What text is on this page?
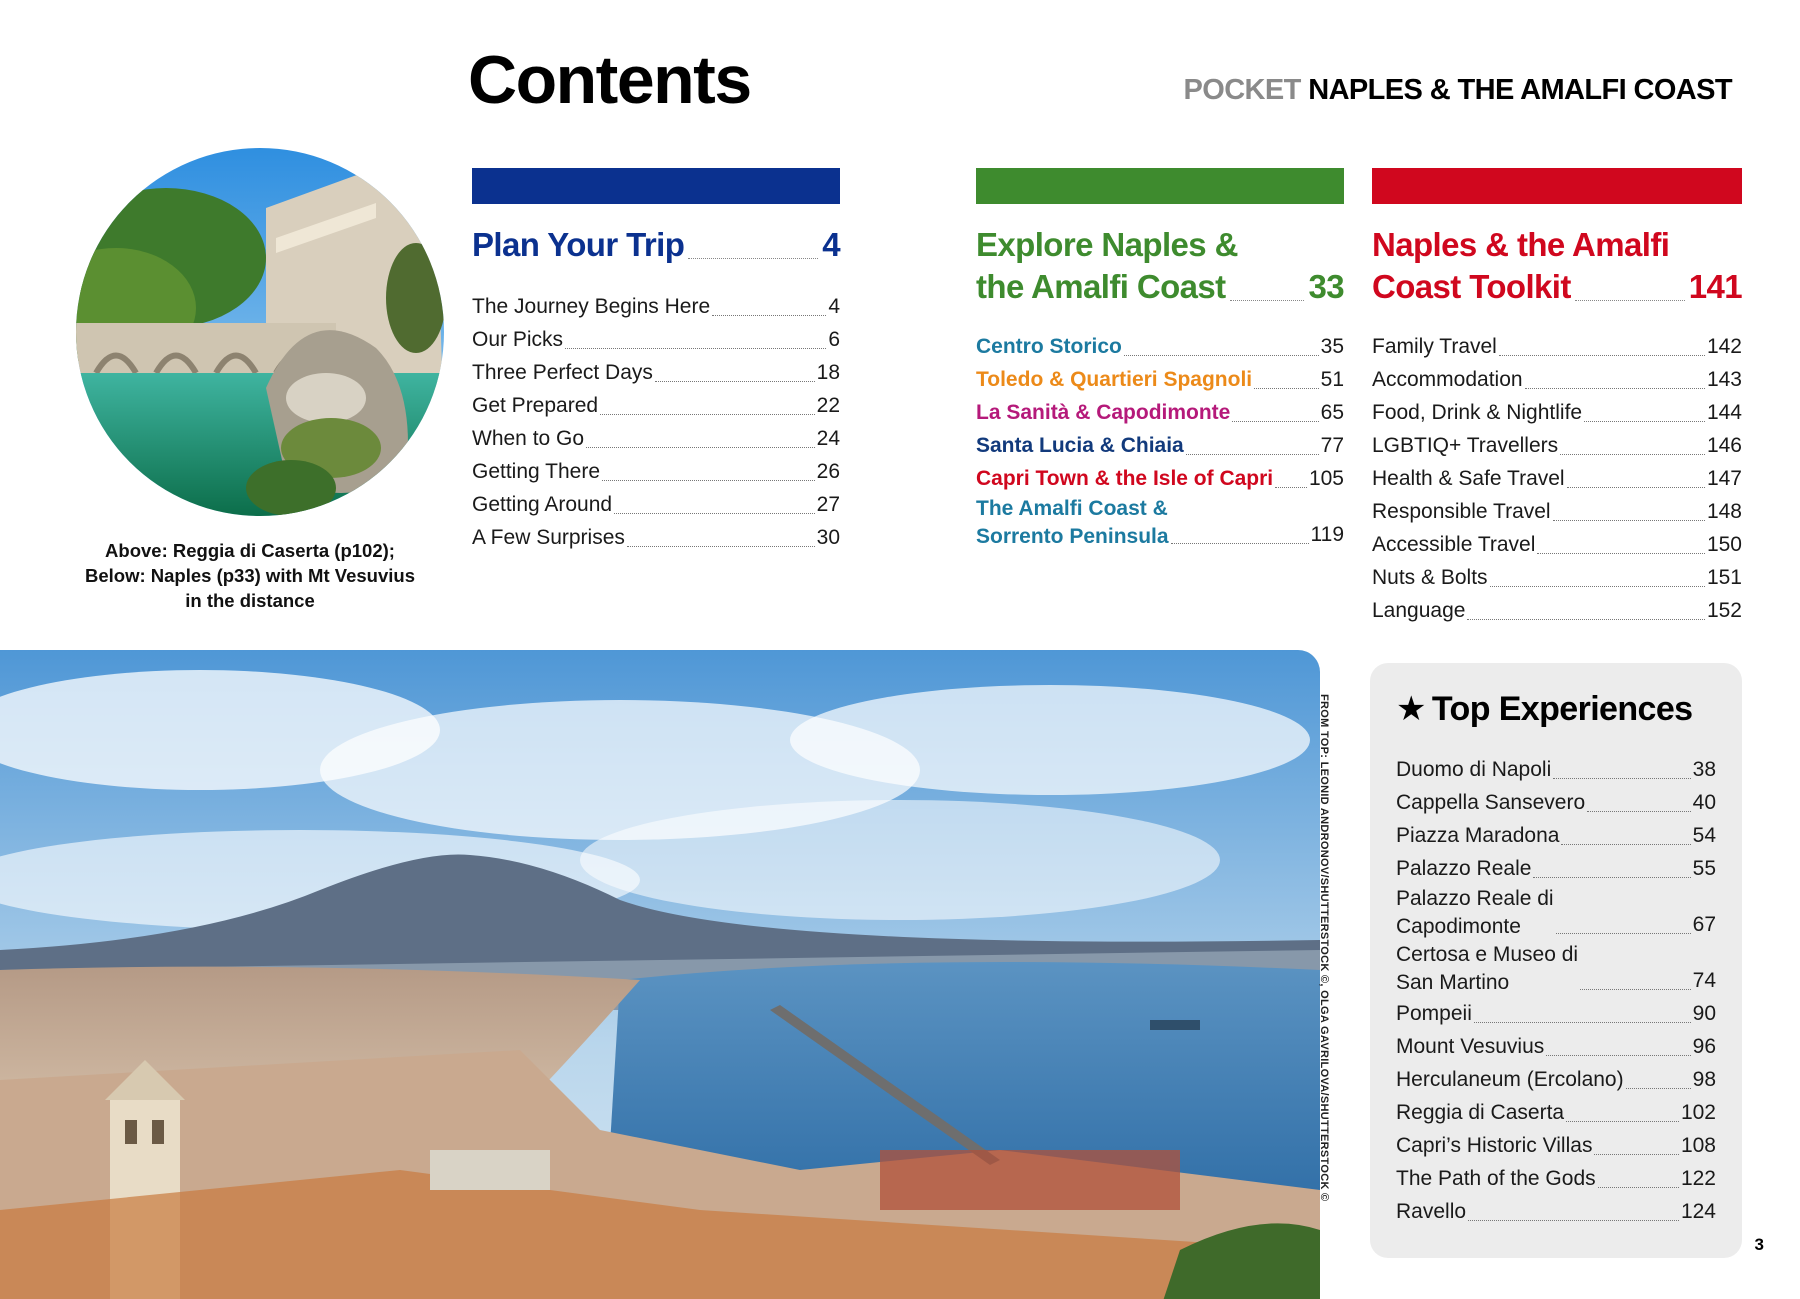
Contents	POCKET NAPLES & THE AMALFI COAST
Above: Reggia di Caserta (p102);
Below: Naples (p33) with Mt Vesuvius
in the distance
Plan Your Trip	4
The Journey Begins Here	4
Our Picks	6
Three Perfect Days	18
Get Prepared	22
When to Go	24
Getting There	26
Getting Around	27
A Few Surprises	30
Explore Naples &
the Amalfi Coast	33
Centro Storico	35
Toledo & Quartieri Spagnoli	51
La Sanità & Capodimonte	65
Santa Lucia & Chiaia	77
Capri Town & the Isle of Capri 105
The Amalfi Coast &
Sorrento Peninsula	119
Naples & the Amalfi
Coast Toolkit	141
Family Travel	142
Accommodation	143
Food, Drink & Nightlife	144
LGBTIQ+ Travellers	146
Health & Safe Travel	147
Responsible Travel	148
Accessible Travel	150
Nuts & Bolts	151
Language	152
FROM TOP: LEONID ANDRONOV/SHUTTERSTOCK ©, OLGA GAVRILOVA/SHUTTERSTOCK © ★ Top Experiences
Duomo di Napoli	38
Cappella Sansevero	40
Piazza Maradona	54
Palazzo Reale	55
Palazzo Reale di
Capodimonte	67
Certosa e Museo di
San Martino	74
Pompeii	90
Mount Vesuvius	96
Herculaneum (Ercolano)	98
Reggia di Caserta	102
Capri’s Historic Villas	108
The Path of the Gods	122
Ravello	124
3
